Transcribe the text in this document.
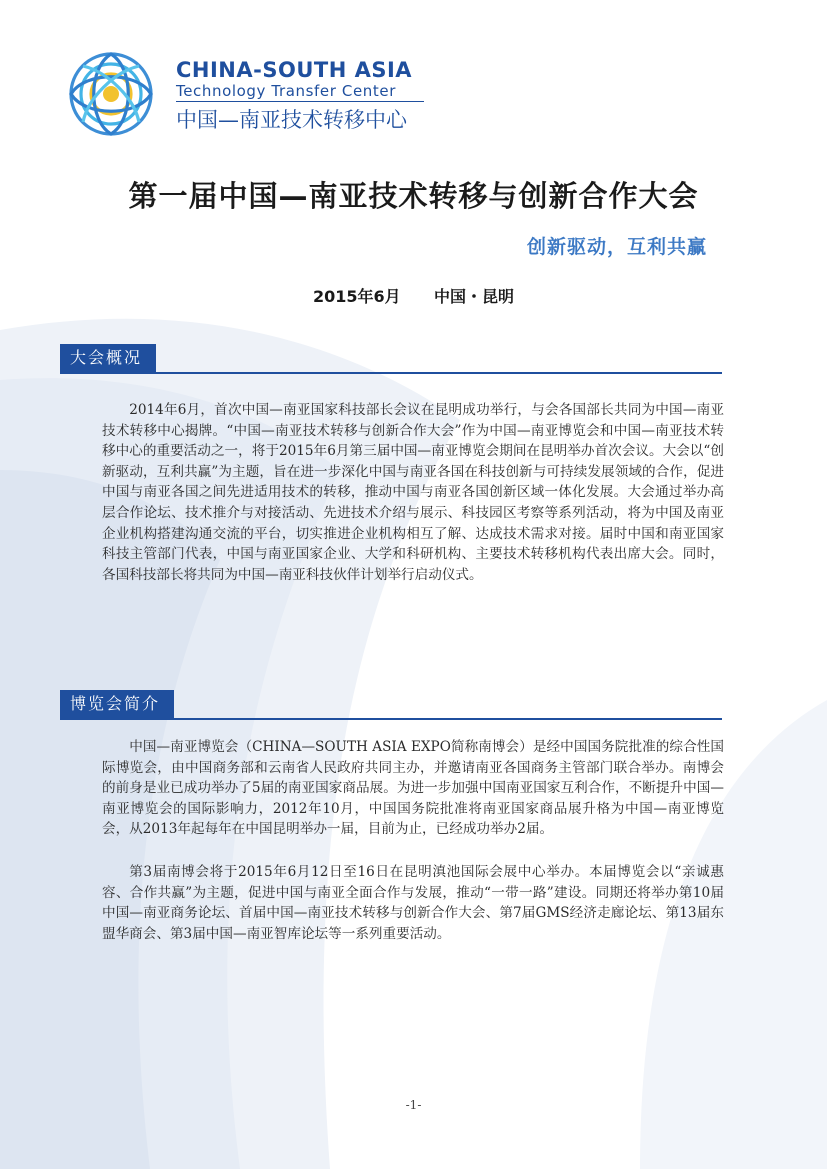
CHINA-SOUTH ASIA
Technology Transfer Center
中国—南亚技术转移中心
第一届中国—南亚技术转移与创新合作大会
创新驱动，互利共赢
2015年6月      中国・昆明
大会概况

2014年6月，首次中国—南亚国家科技部长会议在昆明成功举行，与会各国部长共同为中国—南亚技术转移中心揭牌。“中国—南亚技术转移与创新合作大会”作为中国—南亚博览会和中国—南亚技术转移中心的重要活动之一，将于2015年6月第三届中国—南亚博览会期间在昆明举办首次会议。大会以“创新驱动，互利共赢”为主题，旨在进一步深化中国与南亚各国在科技创新与可持续发展领域的合作，促进中国与南亚各国之间先进适用技术的转移，推动中国与南亚各国创新区域一体化发展。大会通过举办高层合作论坛、技术推介与对接活动、先进技术介绍与展示、科技园区考察等系列活动，将为中国及南亚企业机构搭建沟通交流的平台，切实推进企业机构相互了解、达成技术需求对接。届时中国和南亚国家科技主管部门代表，中国与南亚国家企业、大学和科研机构、主要技术转移机构代表出席大会。同时，各国科技部长将共同为中国—南亚科技伙伴计划举行启动仪式。

博览会简介

中国—南亚博览会（CHINA—SOUTH ASIA EXPO简称南博会）是经中国国务院批准的综合性国际博览会，由中国商务部和云南省人民政府共同主办，并邀请南亚各国商务主管部门联合举办。南博会的前身是业已成功举办了5届的南亚国家商品展。为进一步加强中国南亚国家互利合作，不断提升中国—南亚博览会的国际影响力，2012年10月，中国国务院批准将南亚国家商品展升格为中国—南亚博览会，从2013年起每年在中国昆明举办一届，目前为止，已经成功举办2届。

第3届南博会将于2015年6月12日至16日在昆明滇池国际会展中心举办。本届博览会以“亲诚惠容、合作共赢”为主题，促进中国与南亚全面合作与发展，推动“一带一路”建设。同期还将举办第10届中国—南亚商务论坛、首届中国—南亚技术转移与创新合作大会、第7届GMS经济走廊论坛、第13届东盟华商会、第3届中国—南亚智库论坛等一系列重要活动。

-1-
